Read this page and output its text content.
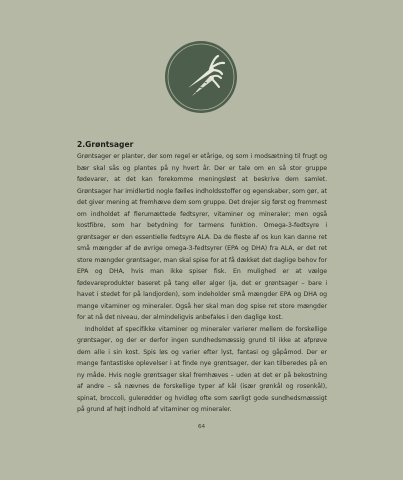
2.Grøntsager

Grøntsager er planter, der som regel er etårige, og som i modsætning til frugt og bær skal sås og plantes på ny hvert år. Der er tale om en så stor gruppe fødevarer, at det kan forekomme meningsløst at beskrive dem samlet. Grøntsager har imidlertid nogle fælles indholdsstoffer og egenskaber, som gør, at det giver mening at fremhæve dem som gruppe. Det drejer sig først og fremmest om indholdet af flerumættede fedtsyrer, vitaminer og mineraler; men også kostfibre, som har betydning for tarmens funktion. Omega-3-fedtsyre i grøntsager er den essentielle fedtsyre ALA. Da de fleste af os kun kan danne ret små mængder af de øvrige omega-3-fedtsyrer (EPA og DHA) fra ALA, er det ret store mængder grøntsager, man skal spise for at få dækket det daglige behov for EPA og DHA, hvis man ikke spiser fisk. En mulighed er at vælge fødevareprodukter baseret på tang eller alger (ja, det er grøntsager – bare i havet i stedet for på landjorden), som indeholder små mængder EPA og DHA og mange vitaminer og mineraler. Også her skal man dog spise ret store mængder for at nå det niveau, der almindeligvis anbefales i den daglige kost.

Indholdet af specifikke vitaminer og mineraler varierer mellem de forskellige grøntsager, og der er derfor ingen sundhedsmæssig grund til ikke at afprøve dem alle i sin kost. Spis løs og varier efter lyst, fantasi og gåpåmod. Der er mange fantastiske oplevelser i at finde nye grøntsager, der kan tilberedes på en ny måde. Hvis nogle grøntsager skal fremhæves – uden at det er på bekostning af andre – så nævnes de forskellige typer af kål (især grønkål og rosenkål), spinat, broccoli, gulerødder og hvidløg ofte som særligt gode sundhedsmæssigt på grund af højt indhold af vitaminer og mineraler.

64
